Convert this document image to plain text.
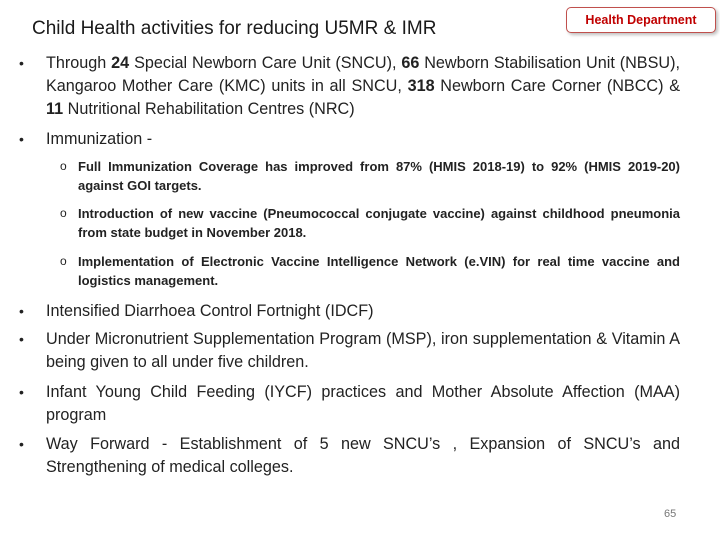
Child Health activities for reducing U5MR & IMR	Health Department
• Through 24 Special Newborn Care Unit (SNCU), 66 Newborn Stabilisation Unit (NBSU), Kangaroo Mother Care (KMC) units in all SNCU, 318 Newborn Care Corner (NBCC) & 11 Nutritional Rehabilitation Centres (NRC)
• Immunization -
o Full Immunization Coverage has improved from 87% (HMIS 2018-19) to 92% (HMIS 2019-20) against GOI targets.
o Introduction of new vaccine (Pneumococcal conjugate vaccine) against childhood pneumonia from state budget in November 2018.
o Implementation of Electronic Vaccine Intelligence Network (e.VIN) for real time vaccine and logistics management.
• Intensified Diarrhoea Control Fortnight (IDCF)
• Under Micronutrient Supplementation Program (MSP), iron supplementation & Vitamin A being given to all under five children.
• Infant Young Child Feeding (IYCF) practices and Mother Absolute Affection (MAA) program
• Way Forward - Establishment of 5 new SNCU’s , Expansion of SNCU’s and Strengthening of medical colleges.
65
